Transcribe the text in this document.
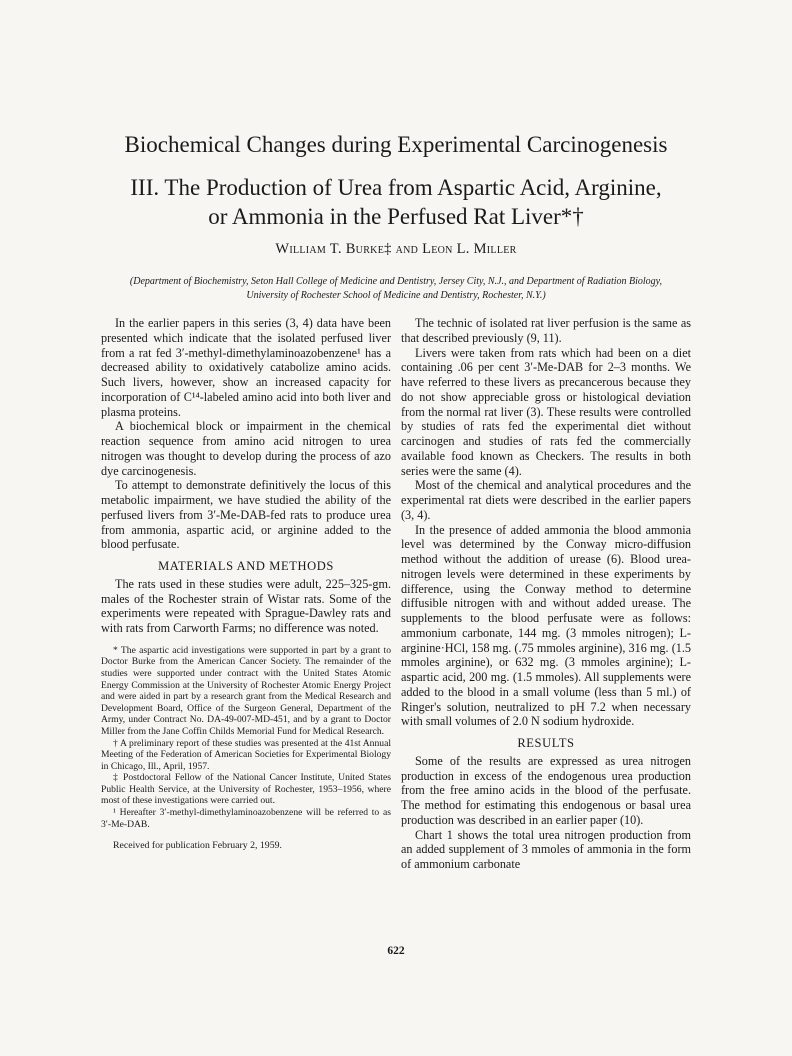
Biochemical Changes during Experimental Carcinogenesis
III. The Production of Urea from Aspartic Acid, Arginine,
or Ammonia in the Perfused Rat Liver*†
William T. Burke‡ and Leon L. Miller
(Department of Biochemistry, Seton Hall College of Medicine and Dentistry, Jersey City, N.J., and Department of Radiation Biology, University of Rochester School of Medicine and Dentistry, Rochester, N.Y.)

In the earlier papers in this series (3, 4) data have been presented which indicate that the isolated perfused liver from a rat fed 3′-methyl-dimethylaminoazobenzene¹ has a decreased ability to oxidatively catabolize amino acids. Such livers, however, show an increased capacity for incorporation of C¹⁴-labeled amino acid into both liver and plasma proteins.

A biochemical block or impairment in the chemical reaction sequence from amino acid nitrogen to urea nitrogen was thought to develop during the process of azo dye carcinogenesis.

To attempt to demonstrate definitively the locus of this metabolic impairment, we have studied the ability of the perfused livers from 3′-Me-DAB-fed rats to produce urea from ammonia, aspartic acid, or arginine added to the blood perfusate.

MATERIALS AND METHODS

The rats used in these studies were adult, 225–325-gm. males of the Rochester strain of Wistar rats. Some of the experiments were repeated with Sprague-Dawley rats and with rats from Carworth Farms; no difference was noted.

* The aspartic acid investigations were supported in part by a grant to Doctor Burke from the American Cancer Society. The remainder of the studies were supported under contract with the United States Atomic Energy Commission at the University of Rochester Atomic Energy Project and were aided in part by a research grant from the Medical Research and Development Board, Office of the Surgeon General, Department of the Army, under Contract No. DA-49-007-MD-451, and by a grant to Doctor Miller from the Jane Coffin Childs Memorial Fund for Medical Research.

† A preliminary report of these studies was presented at the 41st Annual Meeting of the Federation of American Societies for Experimental Biology in Chicago, Ill., April, 1957.

‡ Postdoctoral Fellow of the National Cancer Institute, United States Public Health Service, at the University of Rochester, 1953–1956, where most of these investigations were carried out.

¹ Hereafter 3′-methyl-dimethylaminoazobenzene will be referred to as 3′-Me-DAB.

Received for publication February 2, 1959.

The technic of isolated rat liver perfusion is the same as that described previously (9, 11).

Livers were taken from rats which had been on a diet containing .06 per cent 3′-Me-DAB for 2–3 months. We have referred to these livers as precancerous because they do not show appreciable gross or histological deviation from the normal rat liver (3). These results were controlled by studies of rats fed the experimental diet without carcinogen and studies of rats fed the commercially available food known as Checkers. The results in both series were the same (4).

Most of the chemical and analytical procedures and the experimental rat diets were described in the earlier papers (3, 4).

In the presence of added ammonia the blood ammonia level was determined by the Conway micro-diffusion method without the addition of urease (6). Blood urea-nitrogen levels were determined in these experiments by difference, using the Conway method to determine diffusible nitrogen with and without added urease. The supplements to the blood perfusate were as follows: ammonium carbonate, 144 mg. (3 mmoles nitrogen); L-arginine·HCl, 158 mg. (.75 mmoles arginine), 316 mg. (1.5 mmoles arginine), or 632 mg. (3 mmoles arginine); L-aspartic acid, 200 mg. (1.5 mmoles). All supplements were added to the blood in a small volume (less than 5 ml.) of Ringer's solution, neutralized to pH 7.2 when necessary with small volumes of 2.0 N sodium hydroxide.

RESULTS

Some of the results are expressed as urea nitrogen production in excess of the endogenous urea production from the free amino acids in the blood of the perfusate. The method for estimating this endogenous or basal urea production was described in an earlier paper (10).

Chart 1 shows the total urea nitrogen production from an added supplement of 3 mmoles of ammonia in the form of ammonium carbonate

622
